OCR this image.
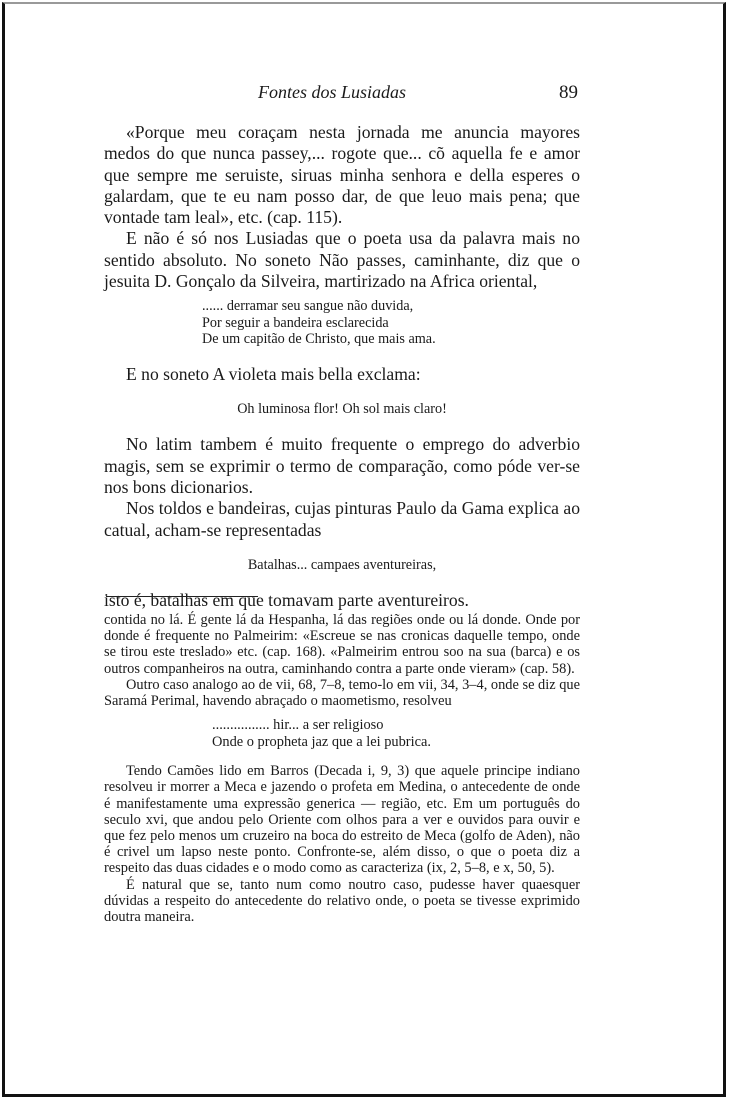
Fontes dos Lusiadas	89

«Porque meu coraçam nesta jornada me anuncia mayores medos do que nunca passey,... rogote que... cõ aquella fe e amor que sempre me seruiste, siruas minha senhora e della esperes o galardam, que te eu nam posso dar, de que leuo mais pena; que vontade tam leal», etc. (cap. 115).

E não é só nos Lusiadas que o poeta usa da palavra mais no sentido absoluto. No soneto Não passes, caminhante, diz que o jesuita D. Gonçalo da Silveira, martirizado na Africa oriental,

...... derramar seu sangue não duvida,
Por seguir a bandeira esclarecida
De um capitão de Christo, que mais ama.

E no soneto A violeta mais bella exclama:

Oh luminosa flor! Oh sol mais claro!

No latim tambem é muito frequente o emprego do adverbio magis, sem se exprimir o termo de comparação, como póde ver-se nos bons dicionarios.

Nos toldos e bandeiras, cujas pinturas Paulo da Gama explica ao catual, acham-se representadas

Batalhas... campaes aventureiras,

isto é, batalhas em que tomavam parte aventureiros.

contida no lá. É gente lá da Hespanha, lá das regiões onde ou lá donde. Onde por donde é frequente no Palmeirim: «Escreue se nas cronicas daquelle tempo, onde se tirou este treslado» etc. (cap. 168). «Palmeirim entrou soo na sua (barca) e os outros companheiros na outra, caminhando contra a parte onde vieram» (cap. 58).

Outro caso analogo ao de vii, 68, 7–8, temo-lo em vii, 34, 3–4, onde se diz que Saramá Perimal, havendo abraçado o maometismo, resolveu

................ hir... a ser religioso
Onde o propheta jaz que a lei pubrica.

Tendo Camões lido em Barros (Decada i, 9, 3) que aquele principe indiano resolveu ir morrer a Meca e jazendo o profeta em Medina, o antecedente de onde é manifestamente uma expressão generica — região, etc. Em um português do seculo xvi, que andou pelo Oriente com olhos para a ver e ouvidos para ouvir e que fez pelo menos um cruzeiro na boca do estreito de Meca (golfo de Aden), não é crivel um lapso neste ponto. Confronte-se, além disso, o que o poeta diz a respeito das duas cidades e o modo como as caracteriza (ix, 2, 5–8, e x, 50, 5).

É natural que se, tanto num como noutro caso, pudesse haver quaesquer dúvidas a respeito do antecedente do relativo onde, o poeta se tivesse exprimido doutra maneira.
